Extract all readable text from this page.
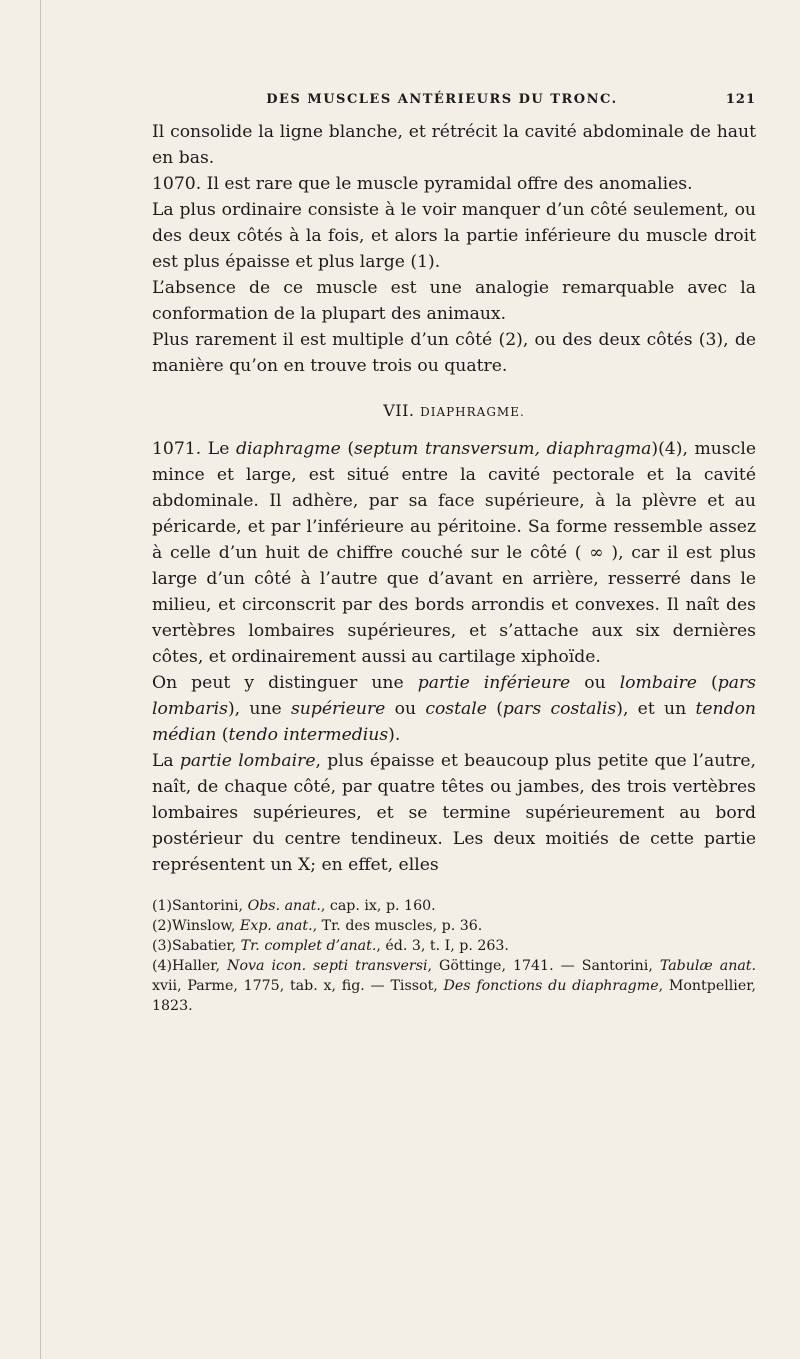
DES MUSCLES ANTÉRIEURS DU TRONC.	121

Il consolide la ligne blanche, et rétrécit la cavité abdominale de haut en bas.

1070. Il est rare que le muscle pyramidal offre des anomalies.

La plus ordinaire consiste à le voir manquer d’un côté seulement, ou des deux côtés à la fois, et alors la partie inférieure du muscle droit est plus épaisse et plus large (1).

L’absence de ce muscle est une analogie remarquable avec la conformation de la plupart des animaux.

Plus rarement il est multiple d’un côté (2), ou des deux côtés (3), de manière qu’on en trouve trois ou quatre.

VII. DIAPHRAGME.

1071. Le diaphragme (septum transversum, diaphragma)(4), muscle mince et large, est situé entre la cavité pectorale et la cavité abdominale. Il adhère, par sa face supérieure, à la plèvre et au péricarde, et par l’inférieure au péritoine. Sa forme ressemble assez à celle d’un huit de chiffre couché sur le côté ( ∞ ), car il est plus large d’un côté à l’autre que d’avant en arrière, resserré dans le milieu, et circonscrit par des bords arrondis et convexes. Il naît des vertèbres lombaires supérieures, et s’attache aux six dernières côtes, et ordinairement aussi au cartilage xiphoïde.

On peut y distinguer une partie inférieure ou lombaire (pars lombaris), une supérieure ou costale (pars costalis), et un tendon médian (tendo intermedius).

La partie lombaire, plus épaisse et beaucoup plus petite que l’autre, naît, de chaque côté, par quatre têtes ou jambes, des trois vertèbres lombaires supérieures, et se termine supérieurement au bord postérieur du centre tendineux. Les deux moitiés de cette partie représentent un X; en effet, elles

(1)Santorini, Obs. anat., cap. ix, p. 160.

(2)Winslow, Exp. anat., Tr. des muscles, p. 36.

(3)Sabatier, Tr. complet d’anat., éd. 3, t. I, p. 263.

(4)Haller, Nova icon. septi transversi, Göttinge, 1741. — Santorini, Tabulæ anat. xvii, Parme, 1775, tab. x, fig. — Tissot, Des fonctions du diaphragme, Montpellier, 1823.
